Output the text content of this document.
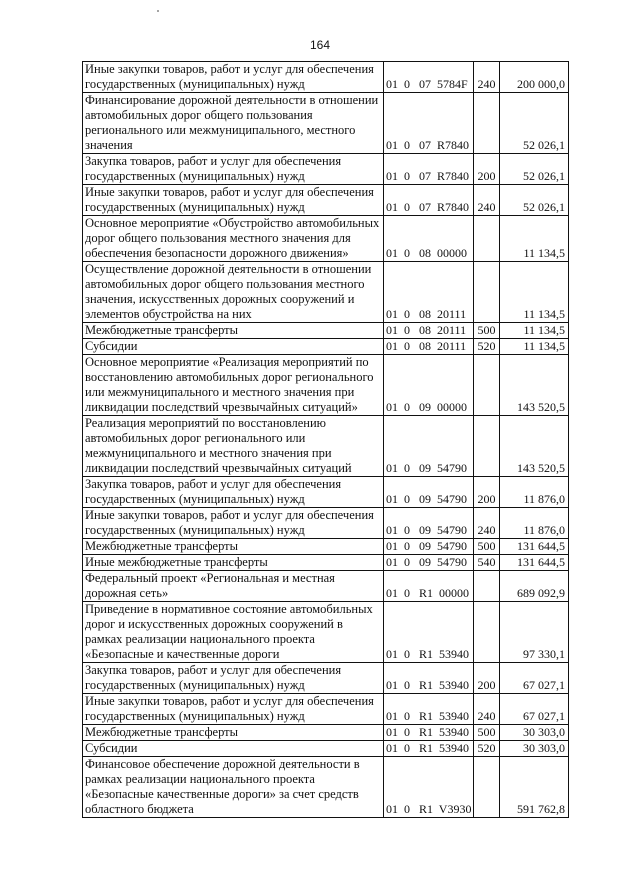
164
Иные закупки товаров, работ и услуг для обеспечения государственных (муниципальных) нужд	01  0   07  5784F	240	200 000,0
Финансирование дорожной деятельности в отношении автомобильных дорог общего пользования регионального или межмуниципального, местного значения	01  0   07  R7840		52 026,1
Закупка товаров, работ и услуг для обеспечения государственных (муниципальных) нужд	01  0   07  R7840	200	52 026,1
Иные закупки товаров, работ и услуг для обеспечения государственных (муниципальных) нужд	01  0   07  R7840	240	52 026,1
Основное мероприятие «Обустройство автомобильных дорог общего пользования местного значения для обеспечения безопасности дорожного движения»	01  0   08  00000		11 134,5
Осуществление дорожной деятельности в отношении автомобильных дорог общего пользования местного значения, искусственных дорожных сооружений и элементов обустройства на них	01  0   08  20111		11 134,5
Межбюджетные трансферты	01  0   08  20111	500	11 134,5
Субсидии	01  0   08  20111	520	11 134,5
Основное мероприятие «Реализация мероприятий по восстановлению автомобильных дорог регионального или межмуниципального и местного значения при ликвидации последствий чрезвычайных ситуаций»	01  0   09  00000		143 520,5
Реализация мероприятий по восстановлению автомобильных дорог регионального или межмуниципального и местного значения при ликвидации последствий чрезвычайных ситуаций	01  0   09  54790		143 520,5
Закупка товаров, работ и услуг для обеспечения государственных (муниципальных) нужд	01  0   09  54790	200	11 876,0
Иные закупки товаров, работ и услуг для обеспечения государственных (муниципальных) нужд	01  0   09  54790	240	11 876,0
Межбюджетные трансферты	01  0   09  54790	500	131 644,5
Иные межбюджетные трансферты	01  0   09  54790	540	131 644,5
Федеральный проект «Региональная и местная дорожная сеть»	01  0   R1  00000		689 092,9
Приведение в нормативное состояние автомобильных дорог и искусственных дорожных сооружений в рамках реализации национального проекта «Безопасные и качественные дороги	01  0   R1  53940		97 330,1
Закупка товаров, работ и услуг для обеспечения государственных (муниципальных) нужд	01  0   R1  53940	200	67 027,1
Иные закупки товаров, работ и услуг для обеспечения государственных (муниципальных) нужд	01  0   R1  53940	240	67 027,1
Межбюджетные трансферты	01  0   R1  53940	500	30 303,0
Субсидии	01  0   R1  53940	520	30 303,0
Финансовое обеспечение дорожной деятельности в рамках реализации национального проекта «Безопасные качественные дороги» за счет средств областного бюджета	01  0   R1  V3930		591 762,8
